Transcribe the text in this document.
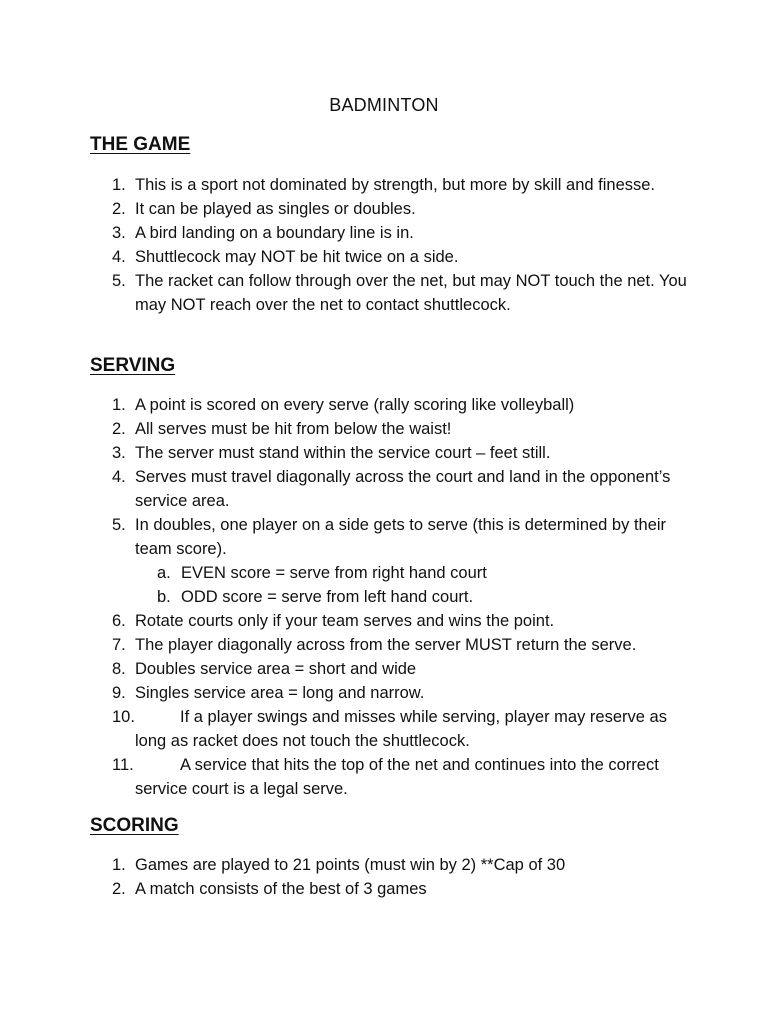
BADMINTON
THE GAME
1. This is a sport not dominated by strength, but more by skill and finesse.
2. It can be played as singles or doubles.
3. A bird landing on a boundary line is in.
4. Shuttlecock may NOT be hit twice on a side.
5. The racket can follow through over the net, but may NOT touch the net. You may NOT reach over the net to contact shuttlecock.
SERVING
1. A point is scored on every serve (rally scoring like volleyball)
2. All serves must be hit from below the waist!
3. The server must stand within the service court – feet still.
4. Serves must travel diagonally across the court and land in the opponent’s service area.
5. In doubles, one player on a side gets to serve (this is determined by their team score).
a. EVEN score = serve from right hand court
b. ODD score = serve from left hand court.
6. Rotate courts only if your team serves and wins the point.
7. The player diagonally across from the server MUST return the serve.
8. Doubles service area = short and wide
9. Singles service area = long and narrow.
10.	If a player swings and misses while serving, player may reserve as long as racket does not touch the shuttlecock.
11.	A service that hits the top of the net and continues into the correct service court is a legal serve.
SCORING
1. Games are played to 21 points (must win by 2) **Cap of 30
2. A match consists of the best of 3 games
